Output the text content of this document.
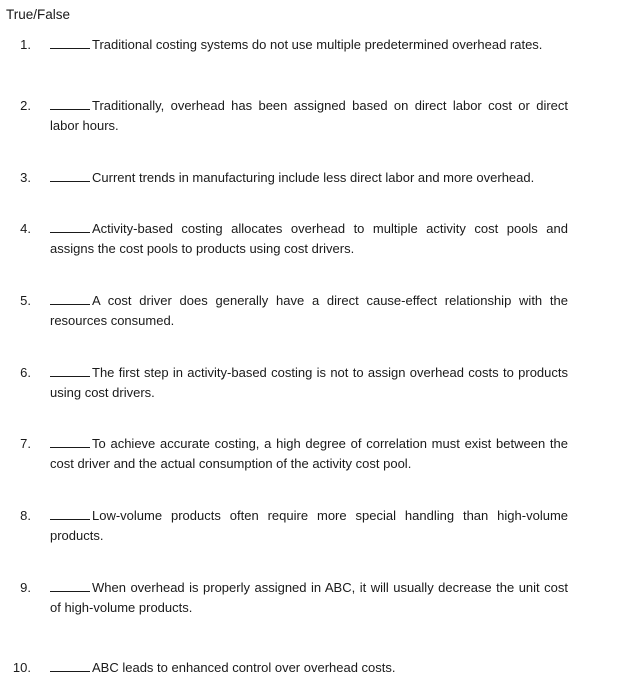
True/False
1.	Traditional costing systems do not use multiple predetermined overhead rates.
2.	Traditionally, overhead has been assigned based on direct labor cost or direct labor hours.
3.	Current trends in manufacturing include less direct labor and more overhead.
4.	Activity-based costing allocates overhead to multiple activity cost pools and assigns the cost pools to products using cost drivers.
5.	A cost driver does generally have a direct cause-effect relationship with the resources consumed.
6.	The first step in activity-based costing is not to assign overhead costs to products using cost drivers.
7.	To achieve accurate costing, a high degree of correlation must exist between the cost driver and the actual consumption of the activity cost pool.
8.	Low-volume products often require more special handling than high-volume products.
9.	When overhead is properly assigned in ABC, it will usually decrease the unit cost of high-volume products.
10.	ABC leads to enhanced control over overhead costs.
